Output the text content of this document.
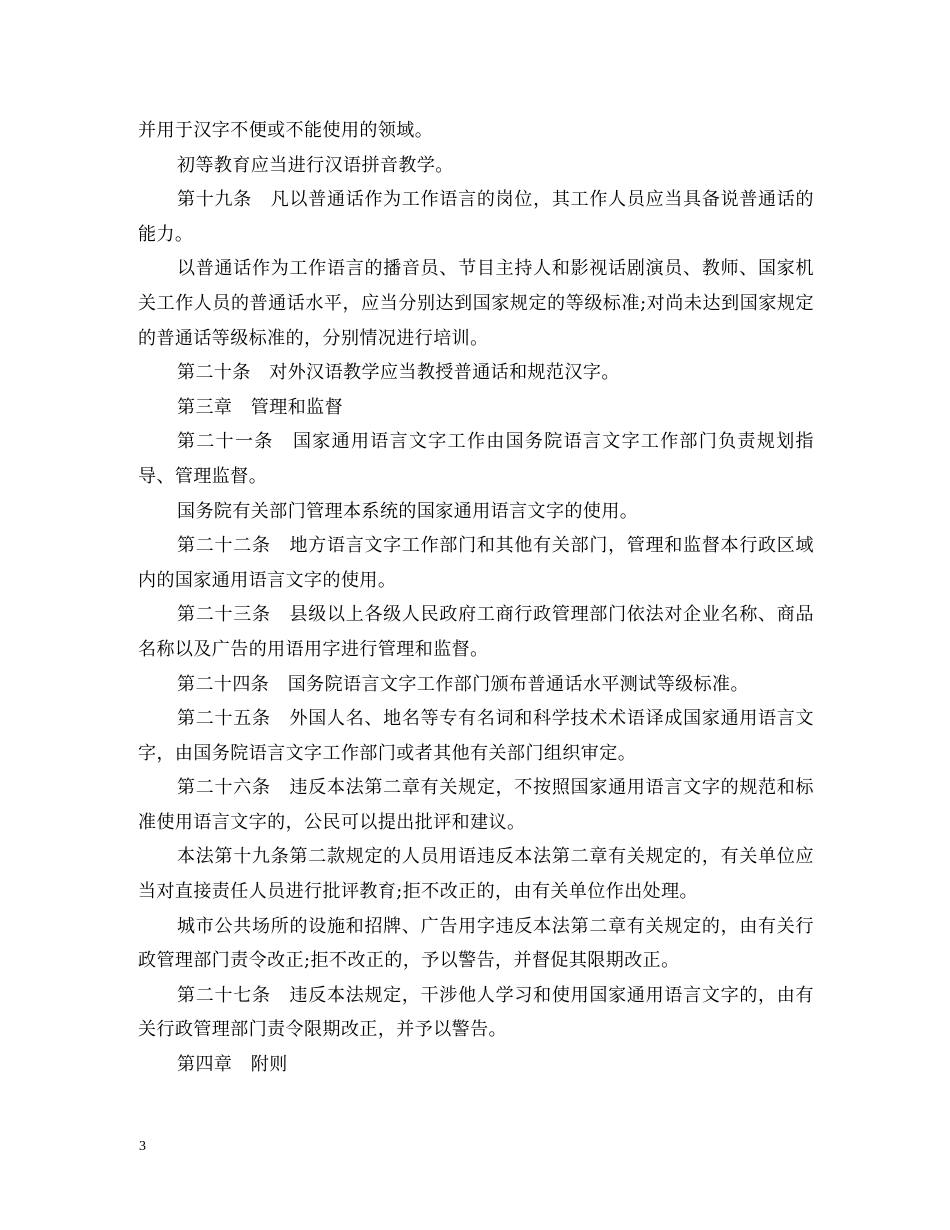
并用于汉字不便或不能使用的领域。

初等教育应当进行汉语拼音教学。

第十九条　凡以普通话作为工作语言的岗位，其工作人员应当具备说普通话的能力。

以普通话作为工作语言的播音员、节目主持人和影视话剧演员、教师、国家机关工作人员的普通话水平，应当分别达到国家规定的等级标准;对尚未达到国家规定的普通话等级标准的，分别情况进行培训。

第二十条　对外汉语教学应当教授普通话和规范汉字。

第三章　管理和监督

第二十一条　国家通用语言文字工作由国务院语言文字工作部门负责规划指导、管理监督。

国务院有关部门管理本系统的国家通用语言文字的使用。

第二十二条　地方语言文字工作部门和其他有关部门，管理和监督本行政区域内的国家通用语言文字的使用。

第二十三条　县级以上各级人民政府工商行政管理部门依法对企业名称、商品名称以及广告的用语用字进行管理和监督。

第二十四条　国务院语言文字工作部门颁布普通话水平测试等级标准。

第二十五条　外国人名、地名等专有名词和科学技术术语译成国家通用语言文字，由国务院语言文字工作部门或者其他有关部门组织审定。

第二十六条　违反本法第二章有关规定，不按照国家通用语言文字的规范和标准使用语言文字的，公民可以提出批评和建议。

本法第十九条第二款规定的人员用语违反本法第二章有关规定的，有关单位应当对直接责任人员进行批评教育;拒不改正的，由有关单位作出处理。

城市公共场所的设施和招牌、广告用字违反本法第二章有关规定的，由有关行政管理部门责令改正;拒不改正的，予以警告，并督促其限期改正。

第二十七条　违反本法规定，干涉他人学习和使用国家通用语言文字的，由有关行政管理部门责令限期改正，并予以警告。

第四章　附则

3
